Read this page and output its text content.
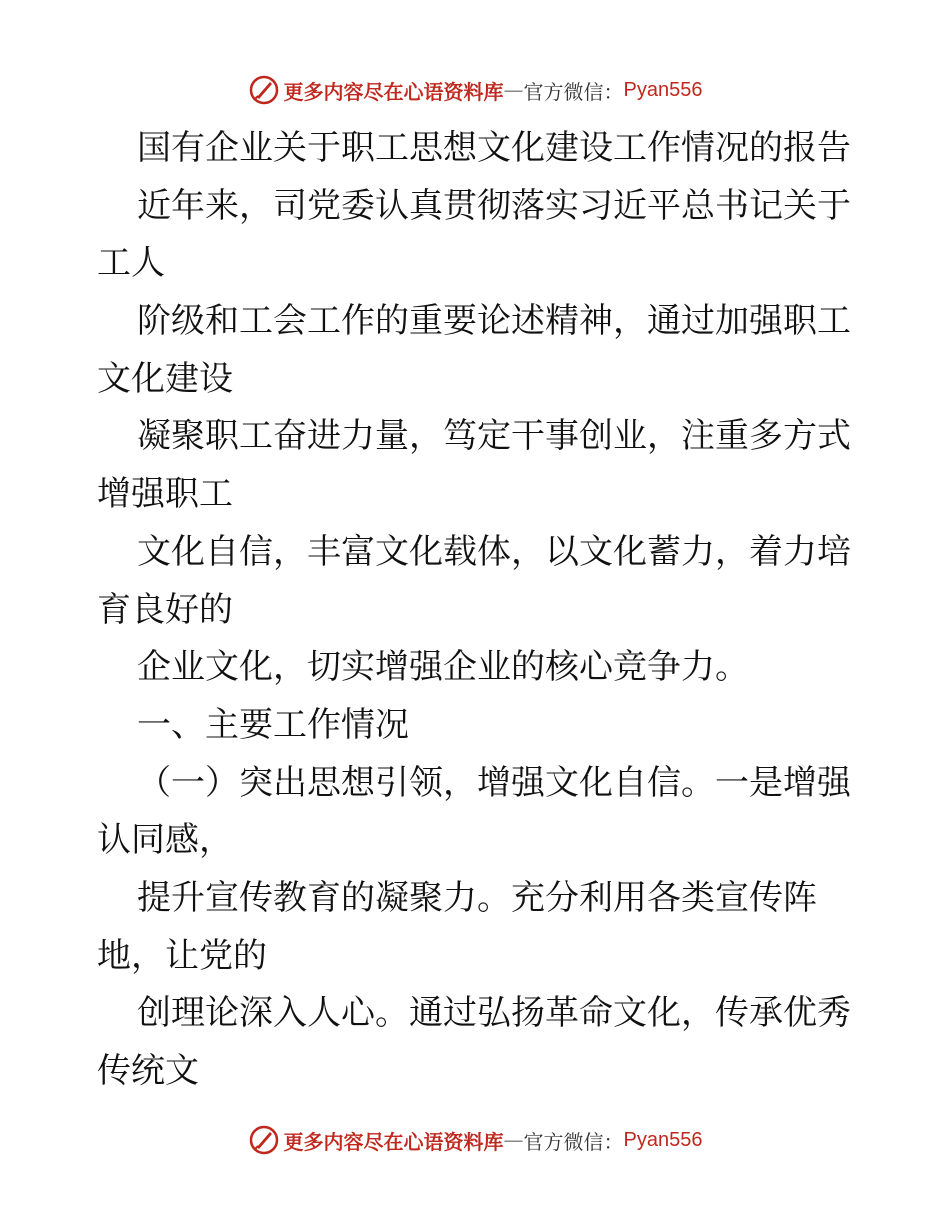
更多内容尽在心语资料库 — 官方微信： Pyan556
国有企业关于职工思想文化建设工作情况的报告
近年来，司党委认真贯彻落实习近平总书记关于
工人
阶级和工会工作的重要论述精神，通过加强职工
文化建设
凝聚职工奋进力量，笃定干事创业，注重多方式
增强职工
文化自信，丰富文化载体，以文化蓄力，着力培
育良好的
企业文化，切实增强企业的核心竞争力。
一、主要工作情况
（一）突出思想引领，增强文化自信。一是增强
认同感，
提升宣传教育的凝聚力。充分利用各类宣传阵
地，让党的
创理论深入人心。通过弘扬革命文化，传承优秀
传统文
更多内容尽在心语资料库 — 官方微信： Pyan556
